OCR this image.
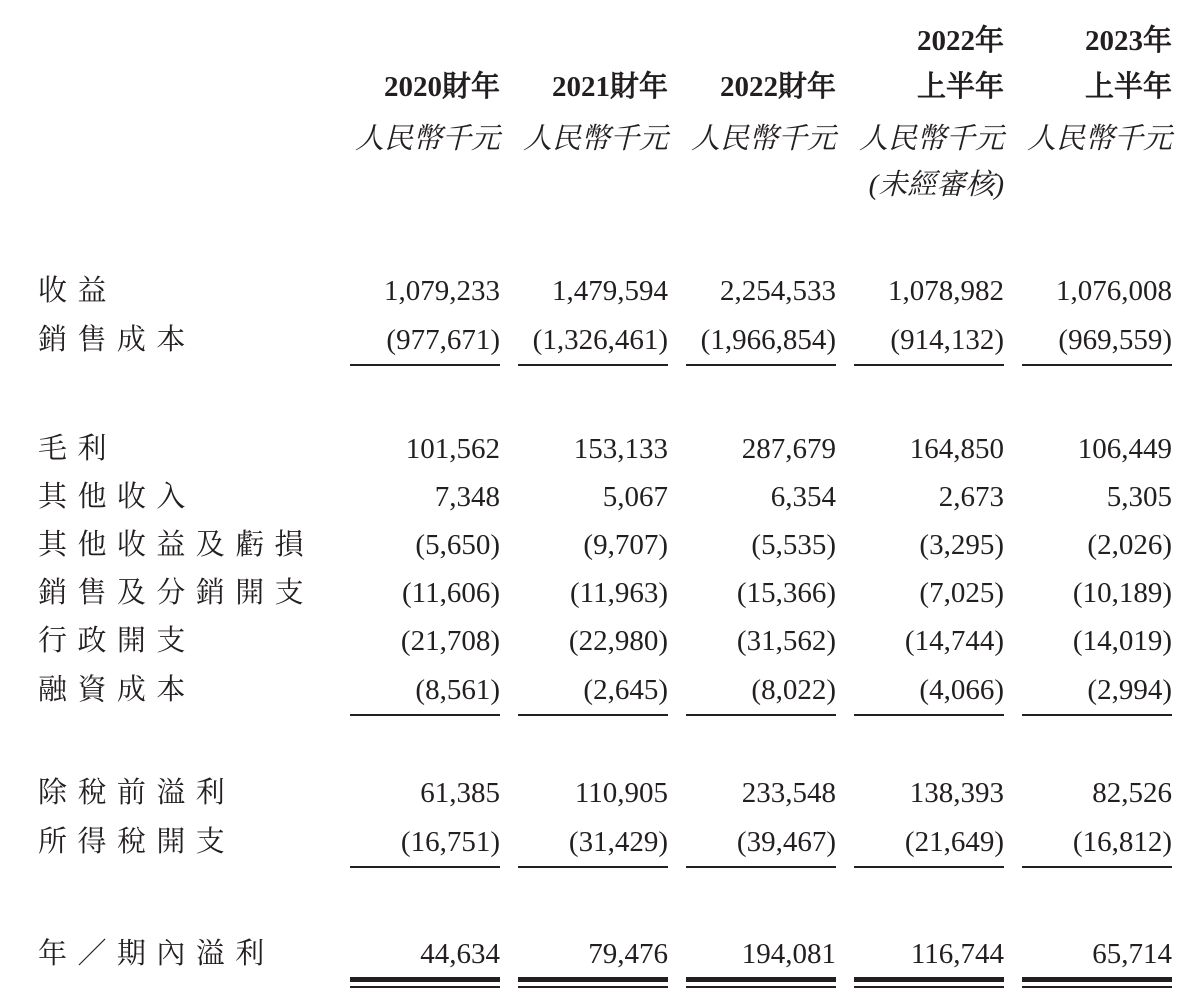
				2022年	2023年
	2020財年	2021財年	2022財年	上半年	上半年
	人民幣千元	人民幣千元	人民幣千元	人民幣千元	人民幣千元
				(未經審核)	

收益	1,079,233	1,479,594	2,254,533	1,078,982	1,076,008

銷售成本	(977,671)	(1,326,461)	(1,966,854)	(914,132)	(969,559)

毛利	101,562	153,133	287,679	164,850	106,449
其他收入	7,348	5,067	6,354	2,673	5,305
其他收益及虧損	(5,650)	(9,707)	(5,535)	(3,295)	(2,026)
銷售及分銷開支	(11,606)	(11,963)	(15,366)	(7,025)	(10,189)
行政開支	(21,708)	(22,980)	(31,562)	(14,744)	(14,019)

融資成本	(8,561)	(2,645)	(8,022)	(4,066)	(2,994)

除稅前溢利	61,385	110,905	233,548	138,393	82,526

所得稅開支	(16,751)	(31,429)	(39,467)	(21,649)	(16,812)

年／期內溢利	44,634	79,476	194,081	116,744	65,714
